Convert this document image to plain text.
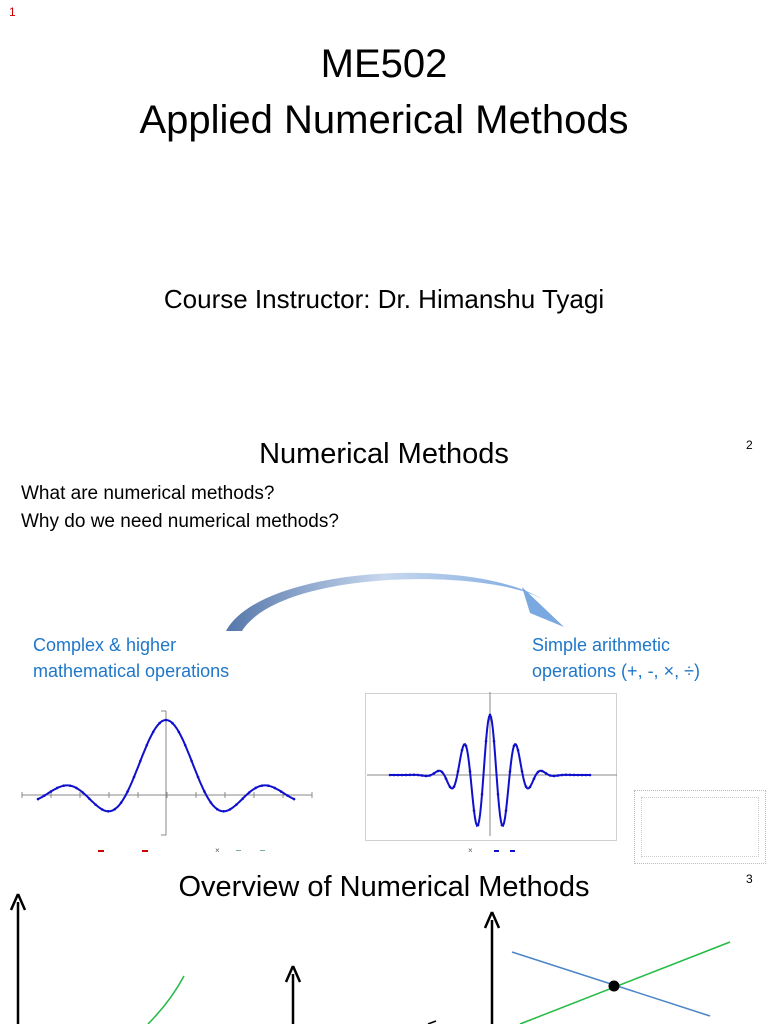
1
ME502
Applied Numerical Methods
Course Instructor: Dr. Himanshu Tyagi
2
Numerical Methods
What are numerical methods?
Why do we need numerical methods?
Complex & higher
mathematical operations
Simple arithmetic
operations (+, -, ×, ÷)
×	×
3
Overview of Numerical Methods
